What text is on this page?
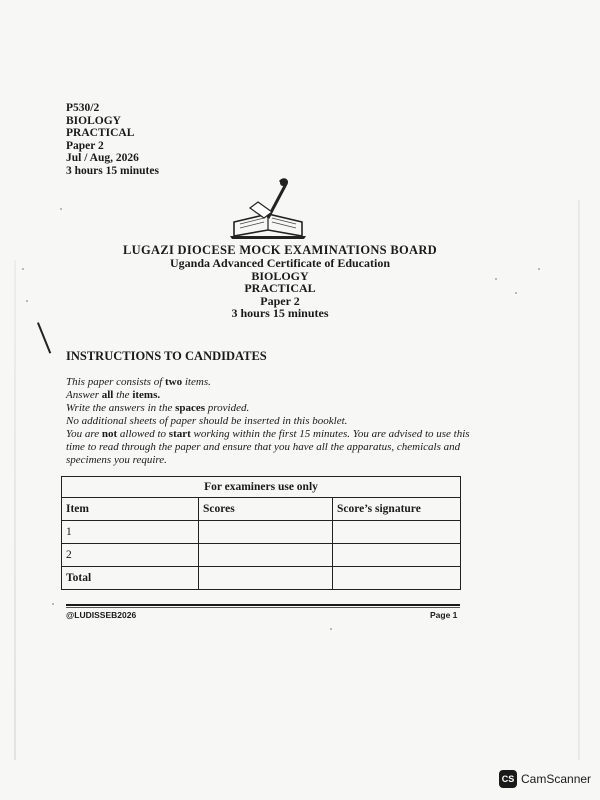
P530/2
BIOLOGY
PRACTICAL
Paper 2
Jul / Aug, 2026
3 hours 15 minutes
LUGAZI DIOCESE MOCK EXAMINATIONS BOARD
Uganda Advanced Certificate of Education
BIOLOGY
PRACTICAL
Paper 2
3 hours 15 minutes
INSTRUCTIONS TO CANDIDATES

This paper consists of two items.

Answer all the items.

Write the answers in the spaces provided.

No additional sheets of paper should be inserted in this booklet.

You are not allowed to start working within the first 15 minutes. You are advised to use this time to read through the paper and ensure that you have all the apparatus, chemicals and specimens you require.

For examiners use only		
Item	Scores	Score’s signature
1		
2		
Total		
@LUDISSEB2026	Page 1
CS CamScanner
